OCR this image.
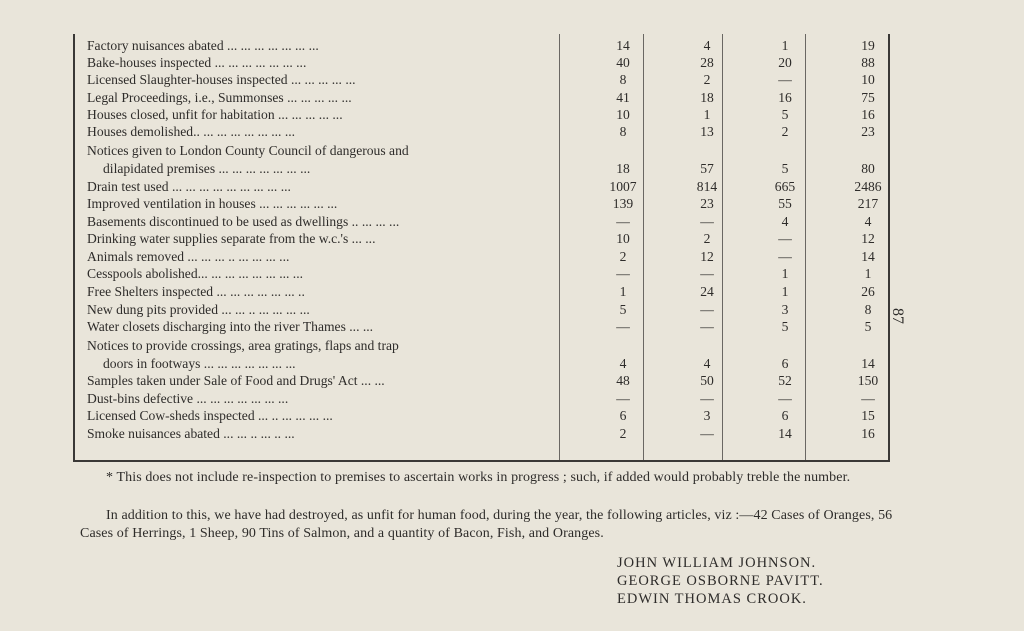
Factory nuisances abated ... ... ... ... ... ... ...	14	4	1	19
Bake-houses inspected ... ... ... ... ... ... ...	40	28	20	88
Licensed Slaughter-houses inspected ... ... ... ... ...	8	2	—	10
Legal Proceedings, i.e., Summonses ... ... ... ... ...	41	18	16	75
Houses closed, unfit for habitation ... ... ... ... ...	10	1	5	16
Houses demolished.. ... ... ... ... ... ... ...	8	13	2	23
Notices given to London County Council of dangerous and
dilapidated premises ... ... ... ... ... ... ...	18	57	5	80
Drain test used ... ... ... ... ... ... ... ... ...	1007	814	665	2486
Improved ventilation in houses ... ... ... ... ... ...	139	23	55	217
Basements discontinued to be used as dwellings .. ... ... ...	—	—	4	4
Drinking water supplies separate from the w.c.'s ... ...	10	2	—	12
Animals removed ... ... ... .. ... ... ... ...	2	12	—	14
Cesspools abolished... ... ... ... ... ... ... ...	—	—	1	1
Free Shelters inspected ... ... ... ... ... ... ..	1	24	1	26
New dung pits provided ... ... .. ... ... ... ...	5	—	3	8
Water closets discharging into the river Thames ... ...	—	—	5	5
Notices to provide crossings, area gratings, flaps and trap
doors in footways ... ... ... ... ... ... ...	4	4	6	14
Samples taken under Sale of Food and Drugs' Act ... ...	48	50	52	150
Dust-bins defective ... ... ... ... ... ... ...	—	—	—	—
Licensed Cow-sheds inspected ... .. ... ... ... ...	6	3	6	15
Smoke nuisances abated ... ... .. ... .. ...	2	—	14	16
87
* This does not include re-inspection to premises to ascertain works in progress ; such, if added would probably treble the number.
In addition to this, we have had destroyed, as unfit for human food, during the year, the following articles, viz :—42 Cases of Oranges, 56 Cases of Herrings, 1 Sheep, 90 Tins of Salmon, and a quantity of Bacon, Fish, and Oranges.
JOHN WILLIAM JOHNSON.
GEORGE OSBORNE PAVITT.
EDWIN THOMAS CROOK.
